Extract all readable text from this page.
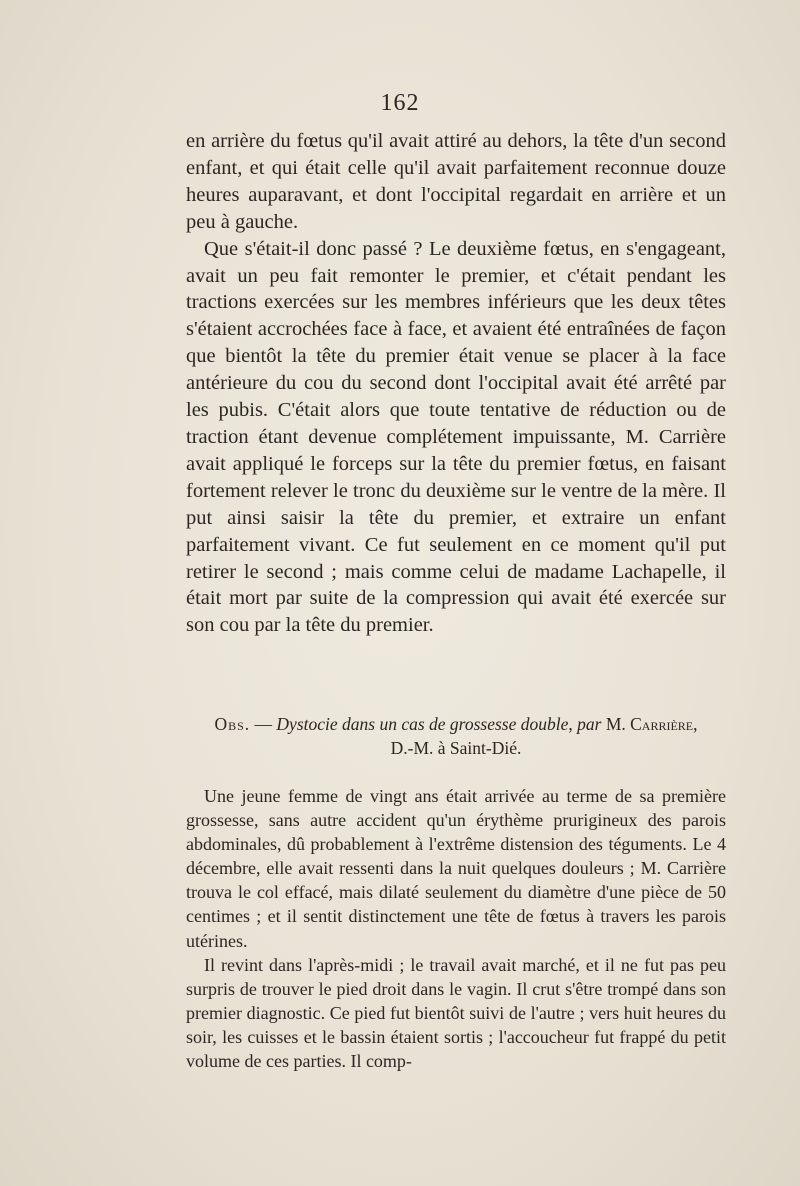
162

en arrière du fœtus qu'il avait attiré au dehors, la tête d'un second enfant, et qui était celle qu'il avait parfaitement reconnue douze heures auparavant, et dont l'occipital regardait en arrière et un peu à gauche.

Que s'était-il donc passé ? Le deuxième fœtus, en s'engageant, avait un peu fait remonter le premier, et c'était pendant les tractions exercées sur les membres inférieurs que les deux têtes s'étaient accrochées face à face, et avaient été entraînées de façon que bientôt la tête du premier était venue se placer à la face antérieure du cou du second dont l'occipital avait été arrêté par les pubis. C'était alors que toute tentative de réduction ou de traction étant devenue complétement impuissante, M. Carrière avait appliqué le forceps sur la tête du premier fœtus, en faisant fortement relever le tronc du deuxième sur le ventre de la mère. Il put ainsi saisir la tête du premier, et extraire un enfant parfaitement vivant. Ce fut seulement en ce moment qu'il put retirer le second ; mais comme celui de madame Lachapelle, il était mort par suite de la compression qui avait été exercée sur son cou par la tête du premier.

Obs. — Dystocie dans un cas de grossesse double, par M. Carrière,
D.-M. à Saint-Dié.

Une jeune femme de vingt ans était arrivée au terme de sa première grossesse, sans autre accident qu'un érythème prurigineux des parois abdominales, dû probablement à l'extrême distension des téguments. Le 4 décembre, elle avait ressenti dans la nuit quelques douleurs ; M. Carrière trouva le col effacé, mais dilaté seulement du diamètre d'une pièce de 50 centimes ; et il sentit distinctement une tête de fœtus à travers les parois utérines.

Il revint dans l'après-midi ; le travail avait marché, et il ne fut pas peu surpris de trouver le pied droit dans le vagin. Il crut s'être trompé dans son premier diagnostic. Ce pied fut bientôt suivi de l'autre ; vers huit heures du soir, les cuisses et le bassin étaient sortis ; l'accoucheur fut frappé du petit volume de ces parties. Il comp-
